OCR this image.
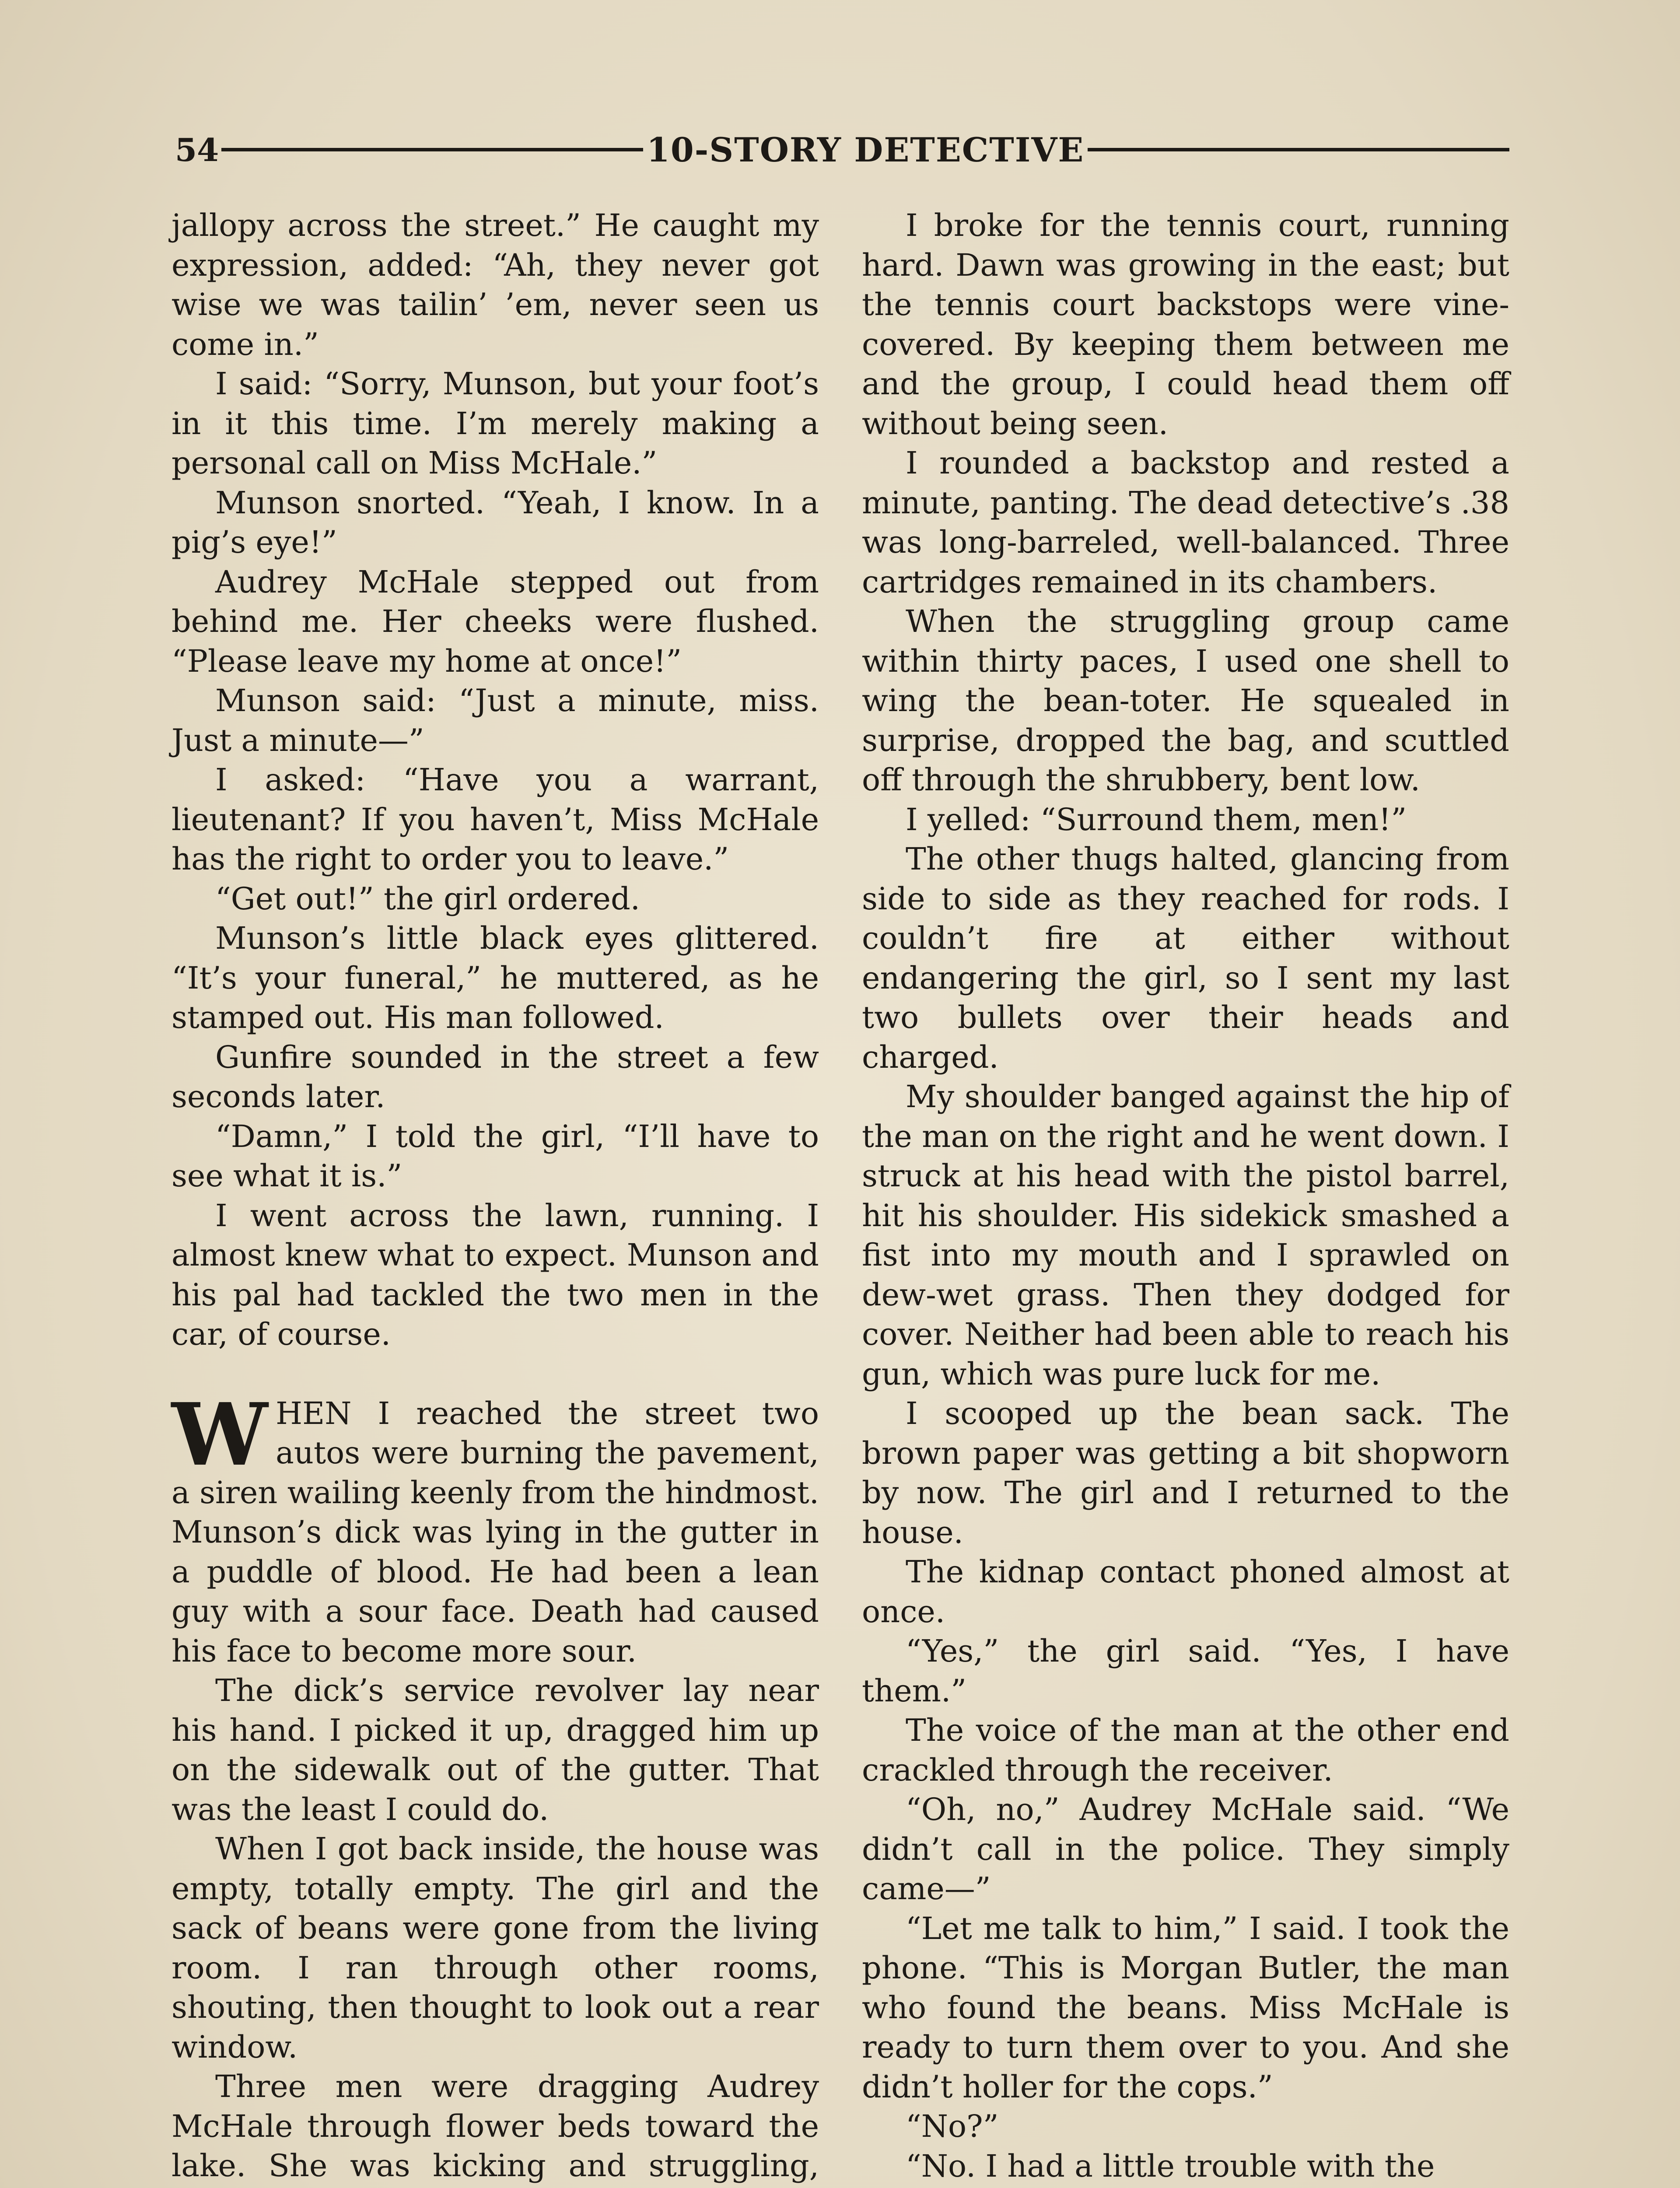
54	10-STORY DETECTIVE

jallopy across the street.” He caught my expression, added: “Ah, they never got wise we was tailin’ ’em, never seen us come in.”

I said: “Sorry, Munson, but your foot’s in it this time. I’m merely making a personal call on Miss McHale.”

Munson snorted. “Yeah, I know. In a pig’s eye!”

Audrey McHale stepped out from behind me. Her cheeks were flushed. “Please leave my home at once!”

Munson said: “Just a minute, miss. Just a minute—”

I asked: “Have you a warrant, lieutenant? If you haven’t, Miss McHale has the right to order you to leave.”

“Get out!” the girl ordered.

Munson’s little black eyes glittered. “It’s your funeral,” he muttered, as he stamped out. His man followed.

Gunfire sounded in the street a few seconds later.

“Damn,” I told the girl, “I’ll have to see what it is.”

I went across the lawn, running. I almost knew what to expect. Munson and his pal had tackled the two men in the car, of course.

WHEN I reached the street two autos were burning the pavement, a siren wailing keenly from the hindmost. Munson’s dick was lying in the gutter in a puddle of blood. He had been a lean guy with a sour face. Death had caused his face to become more sour.

The dick’s service revolver lay near his hand. I picked it up, dragged him up on the sidewalk out of the gutter. That was the least I could do.

When I got back inside, the house was empty, totally empty. The girl and the sack of beans were gone from the living room. I ran through other rooms, shouting, then thought to look out a rear window.

Three men were dragging Audrey McHale through flower beds toward the lake. She was kicking and struggling,

I broke for the tennis court, running hard. Dawn was growing in the east; but the tennis court backstops were vine-covered. By keeping them between me and the group, I could head them off without being seen.

I rounded a backstop and rested a minute, panting. The dead detective’s .38 was long-barreled, well-balanced. Three cartridges remained in its chambers.

When the struggling group came within thirty paces, I used one shell to wing the bean-toter. He squealed in surprise, dropped the bag, and scuttled off through the shrubbery, bent low.

I yelled: “Surround them, men!”

The other thugs halted, glancing from side to side as they reached for rods. I couldn’t fire at either without endangering the girl, so I sent my last two bullets over their heads and charged.

My shoulder banged against the hip of the man on the right and he went down. I struck at his head with the pistol barrel, hit his shoulder. His sidekick smashed a fist into my mouth and I sprawled on dew-wet grass. Then they dodged for cover. Neither had been able to reach his gun, which was pure luck for me.

I scooped up the bean sack. The brown paper was getting a bit shopworn by now. The girl and I returned to the house.

The kidnap contact phoned almost at once.

“Yes,” the girl said. “Yes, I have them.”

The voice of the man at the other end crackled through the receiver.

“Oh, no,” Audrey McHale said. “We didn’t call in the police. They simply came—”

“Let me talk to him,” I said. I took the phone. “This is Morgan Butler, the man who found the beans. Miss McHale is ready to turn them over to you. And she didn’t holler for the cops.”

“No?”

“No. I had a little trouble with the
